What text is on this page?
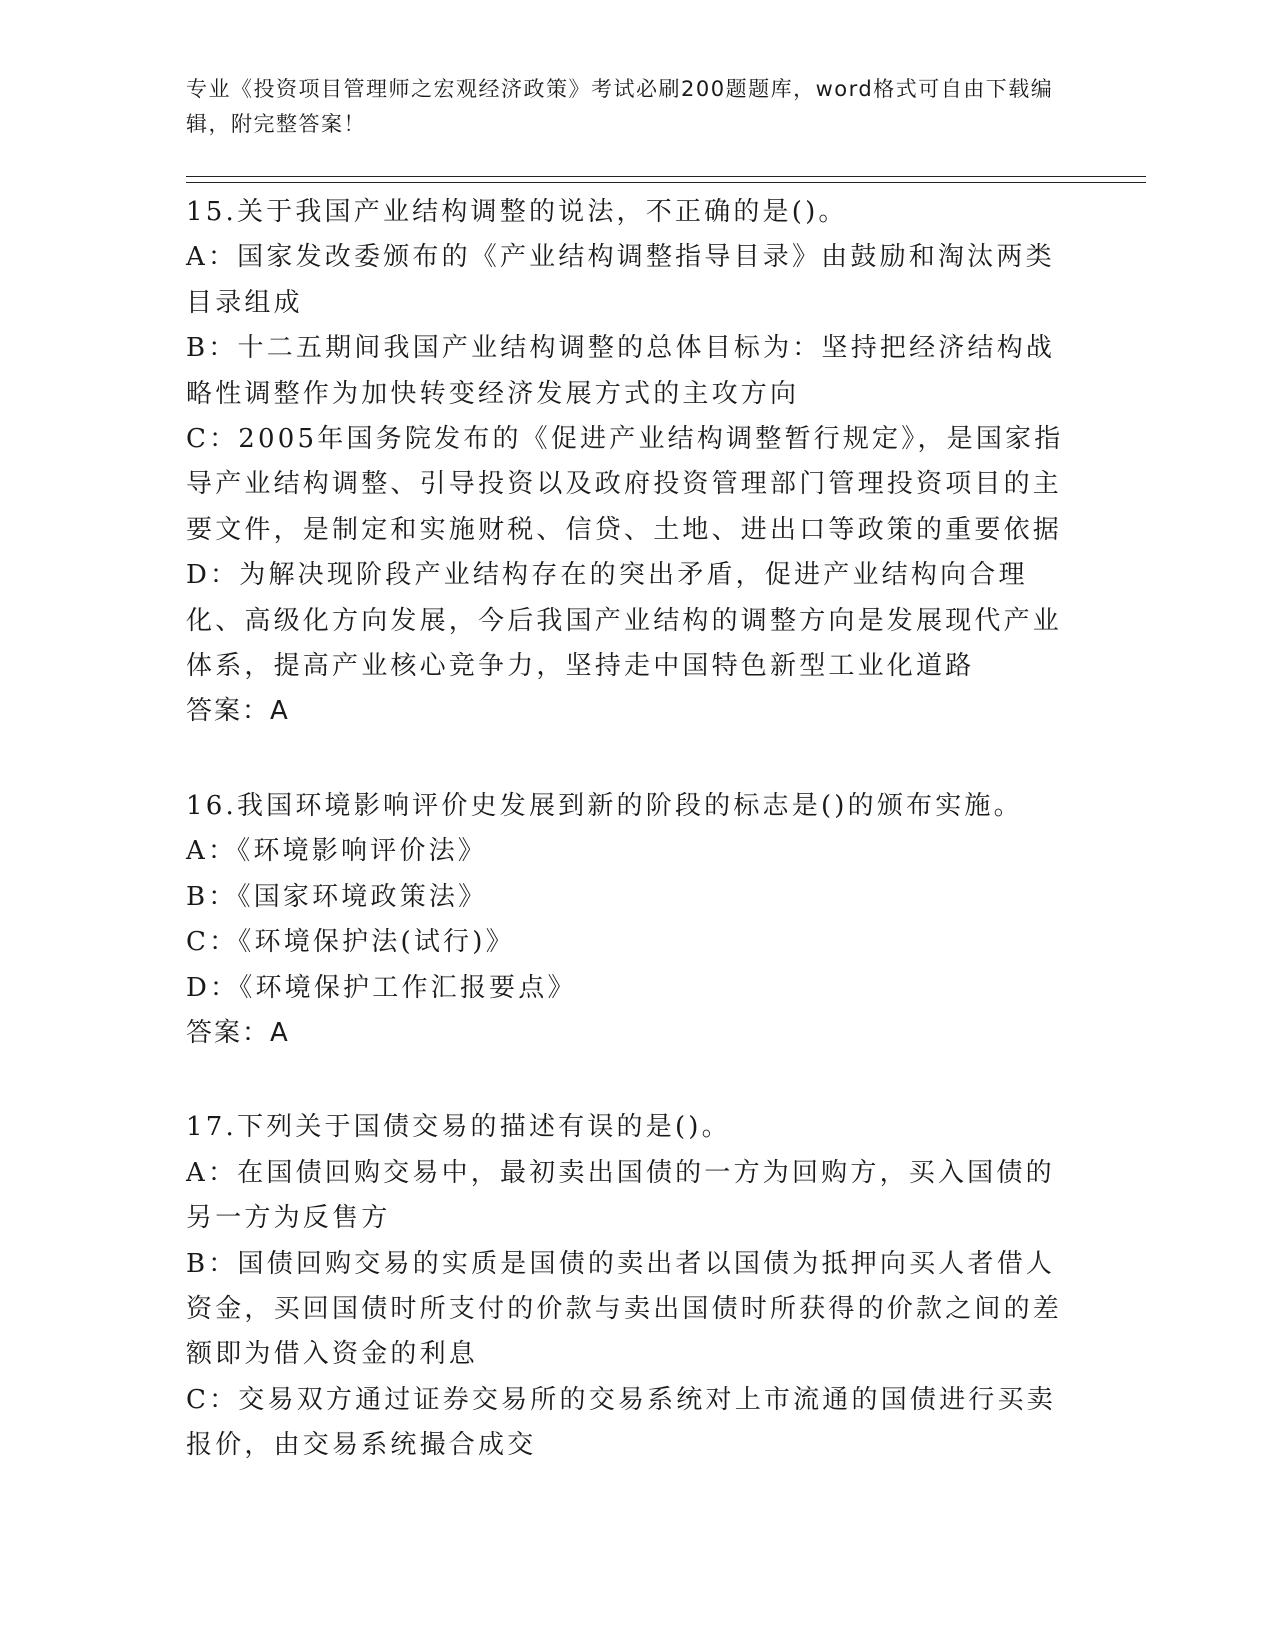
专业《投资项目管理师之宏观经济政策》考试必刷200题题库，word格式可自由下载编辑，附完整答案！

15.关于我国产业结构调整的说法，不正确的是()。

A：国家发改委颁布的《产业结构调整指导目录》由鼓励和淘汰两类目录组成

B：十二五期间我国产业结构调整的总体目标为：坚持把经济结构战略性调整作为加快转变经济发展方式的主攻方向

C：2005年国务院发布的《促进产业结构调整暂行规定》，是国家指导产业结构调整、引导投资以及政府投资管理部门管理投资项目的主要文件，是制定和实施财税、信贷、土地、进出口等政策的重要依据

D：为解决现阶段产业结构存在的突出矛盾，促进产业结构向合理化、高级化方向发展，今后我国产业结构的调整方向是发展现代产业体系，提高产业核心竞争力，坚持走中国特色新型工业化道路

答案：A

16.我国环境影响评价史发展到新的阶段的标志是()的颁布实施。

A：《环境影响评价法》

B：《国家环境政策法》

C：《环境保护法(试行)》

D：《环境保护工作汇报要点》

答案：A

17.下列关于国债交易的描述有误的是()。

A：在国债回购交易中，最初卖出国债的一方为回购方，买入国债的另一方为反售方

B：国债回购交易的实质是国债的卖出者以国债为抵押向买人者借人资金，买回国债时所支付的价款与卖出国债时所获得的价款之间的差额即为借入资金的利息

C：交易双方通过证券交易所的交易系统对上市流通的国债进行买卖报价，由交易系统撮合成交
